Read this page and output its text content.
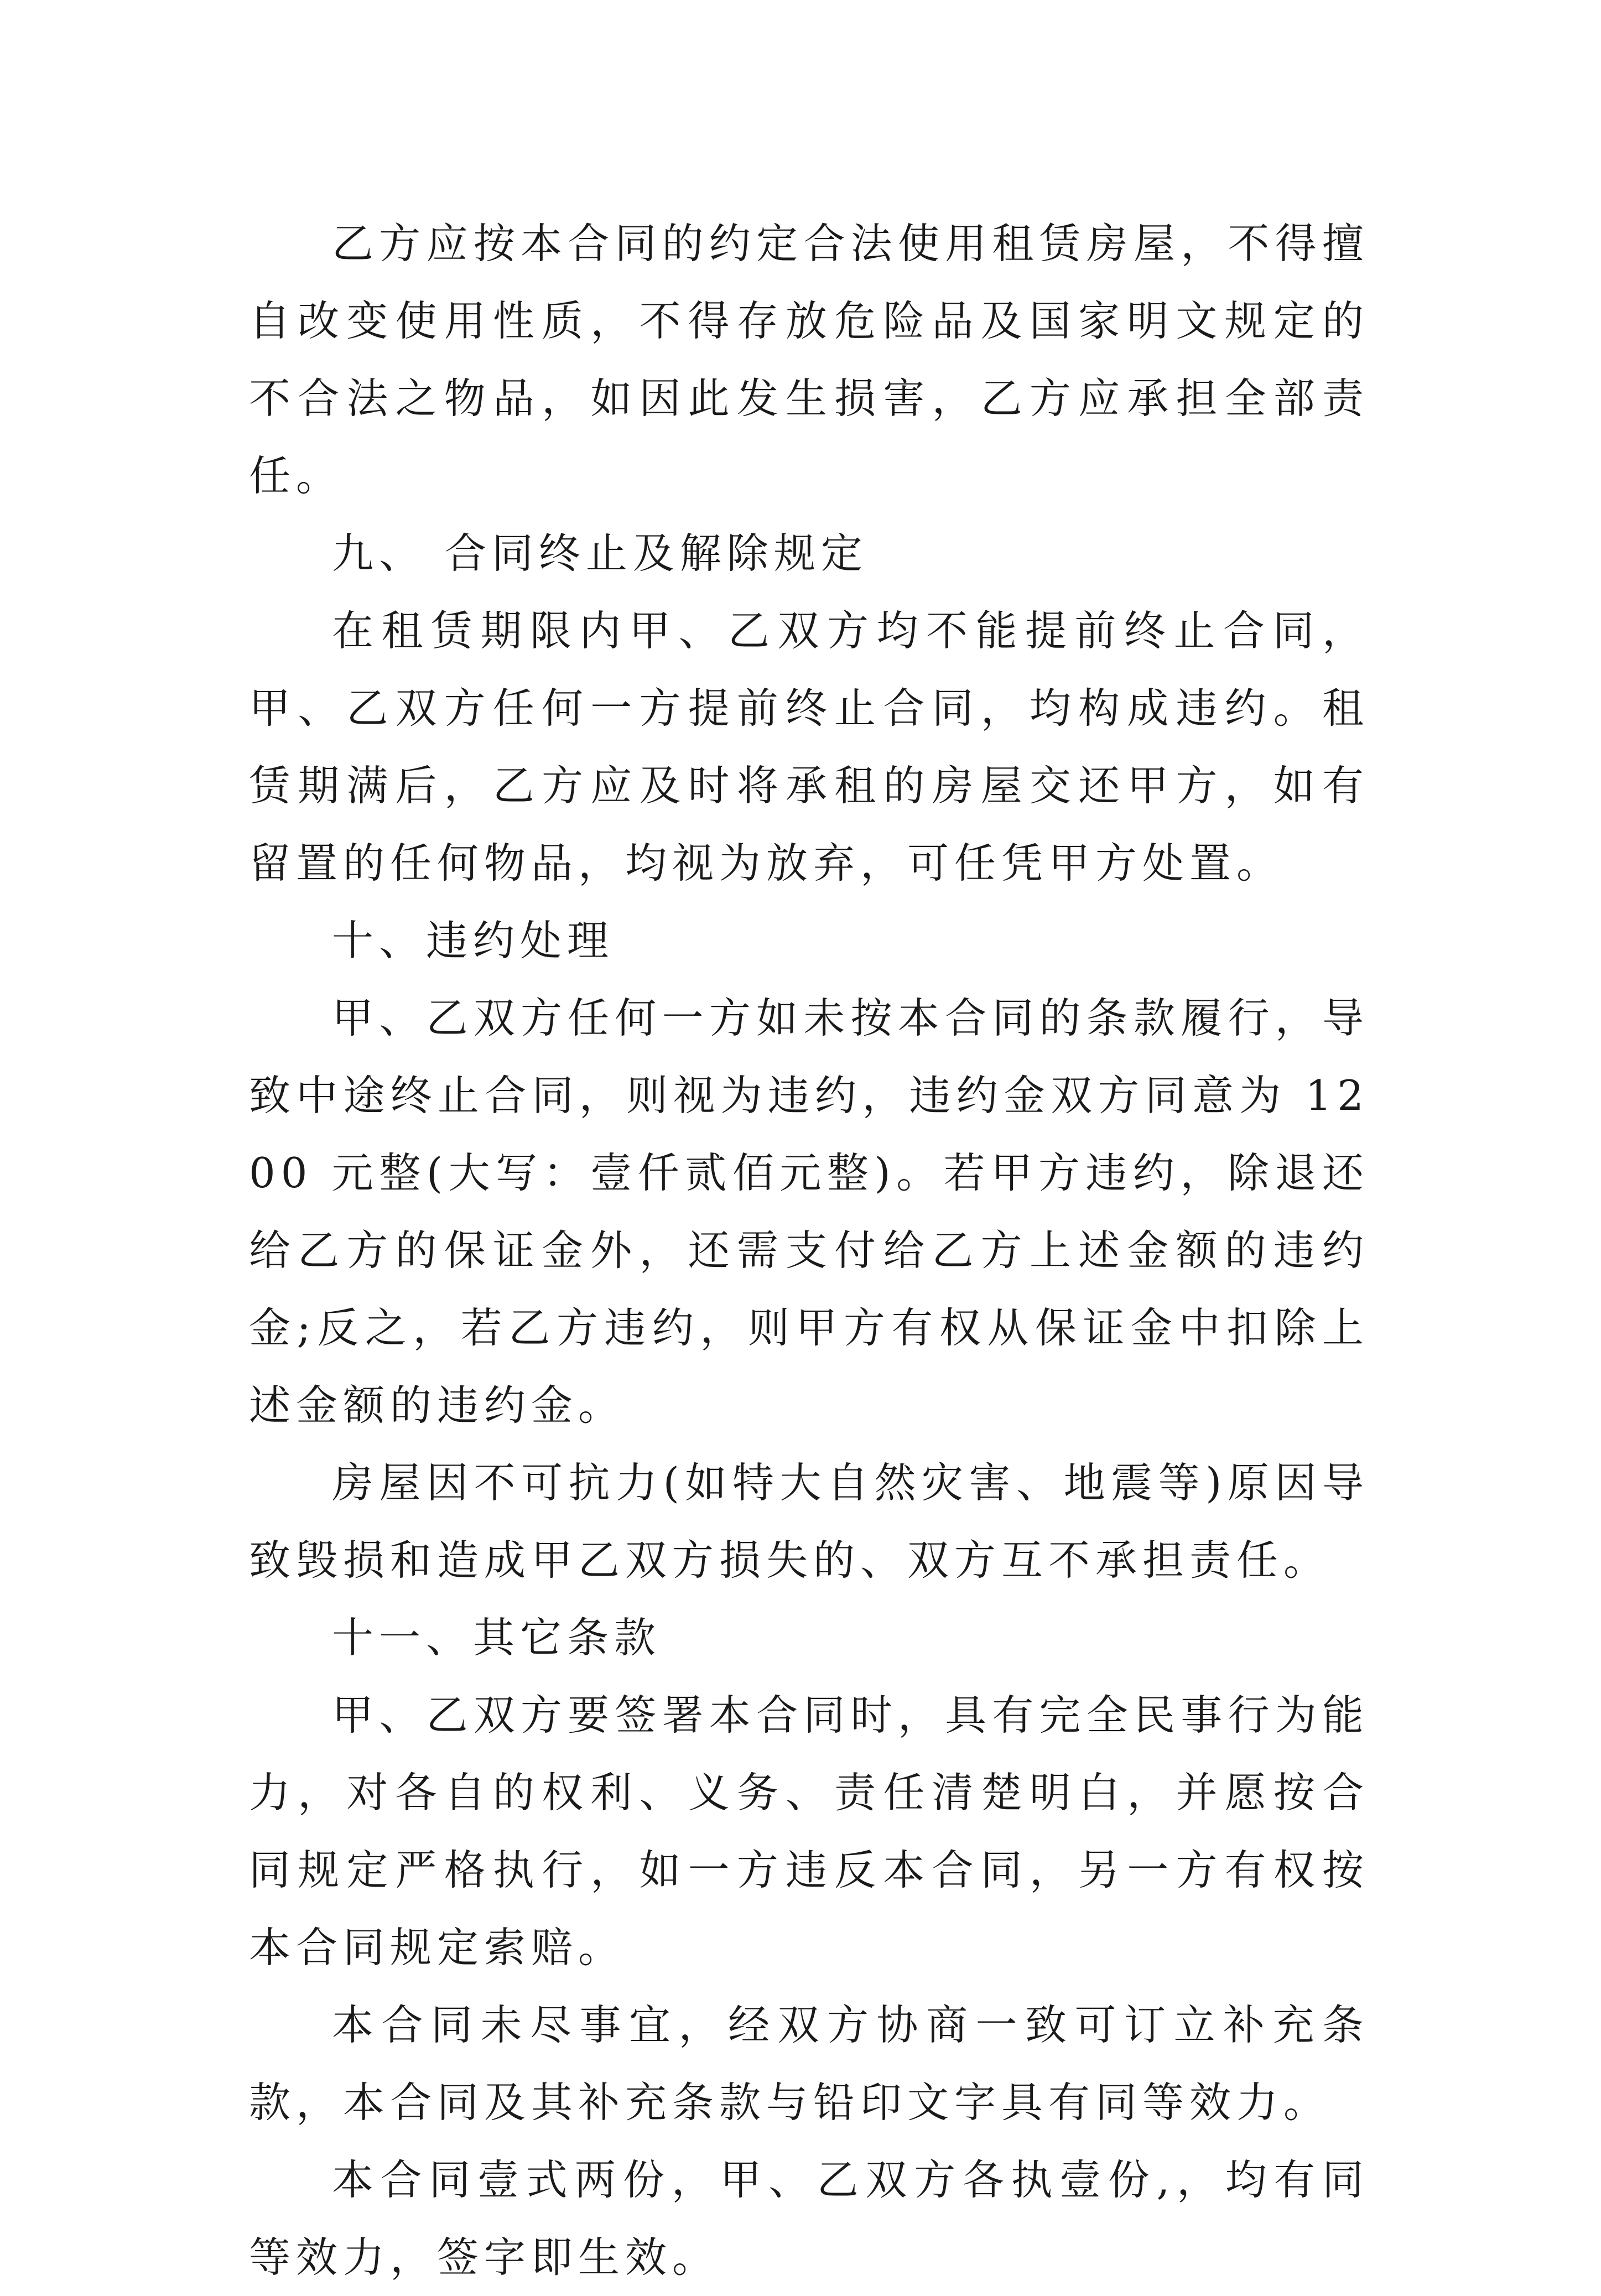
乙方应按本合同的约定合法使用租赁房屋，不得擅自改变使用性质，不得存放危险品及国家明文规定的不合法之物品，如因此发生损害，乙方应承担全部责任。

九、 合同终止及解除规定

在租赁期限内甲、乙双方均不能提前终止合同，甲、乙双方任何一方提前终止合同，均构成违约。租赁期满后，乙方应及时将承租的房屋交还甲方，如有留置的任何物品，均视为放弃，可任凭甲方处置。

十、违约处理

甲、乙双方任何一方如未按本合同的条款履行，导致中途终止合同，则视为违约，违约金双方同意为 1200 元整(大写：壹仟贰佰元整)。若甲方违约，除退还给乙方的保证金外，还需支付给乙方上述金额的违约金;反之，若乙方违约，则甲方有权从保证金中扣除上述金额的违约金。

房屋因不可抗力(如特大自然灾害、地震等)原因导致毁损和造成甲乙双方损失的、双方互不承担责任。

十一、其它条款

甲、乙双方要签署本合同时，具有完全民事行为能力，对各自的权利、义务、责任清楚明白，并愿按合同规定严格执行，如一方违反本合同，另一方有权按本合同规定索赔。

本合同未尽事宜，经双方协商一致可订立补充条款，本合同及其补充条款与铅印文字具有同等效力。

本合同壹式两份，甲、乙双方各执壹份,，均有同等效力，签字即生效。
